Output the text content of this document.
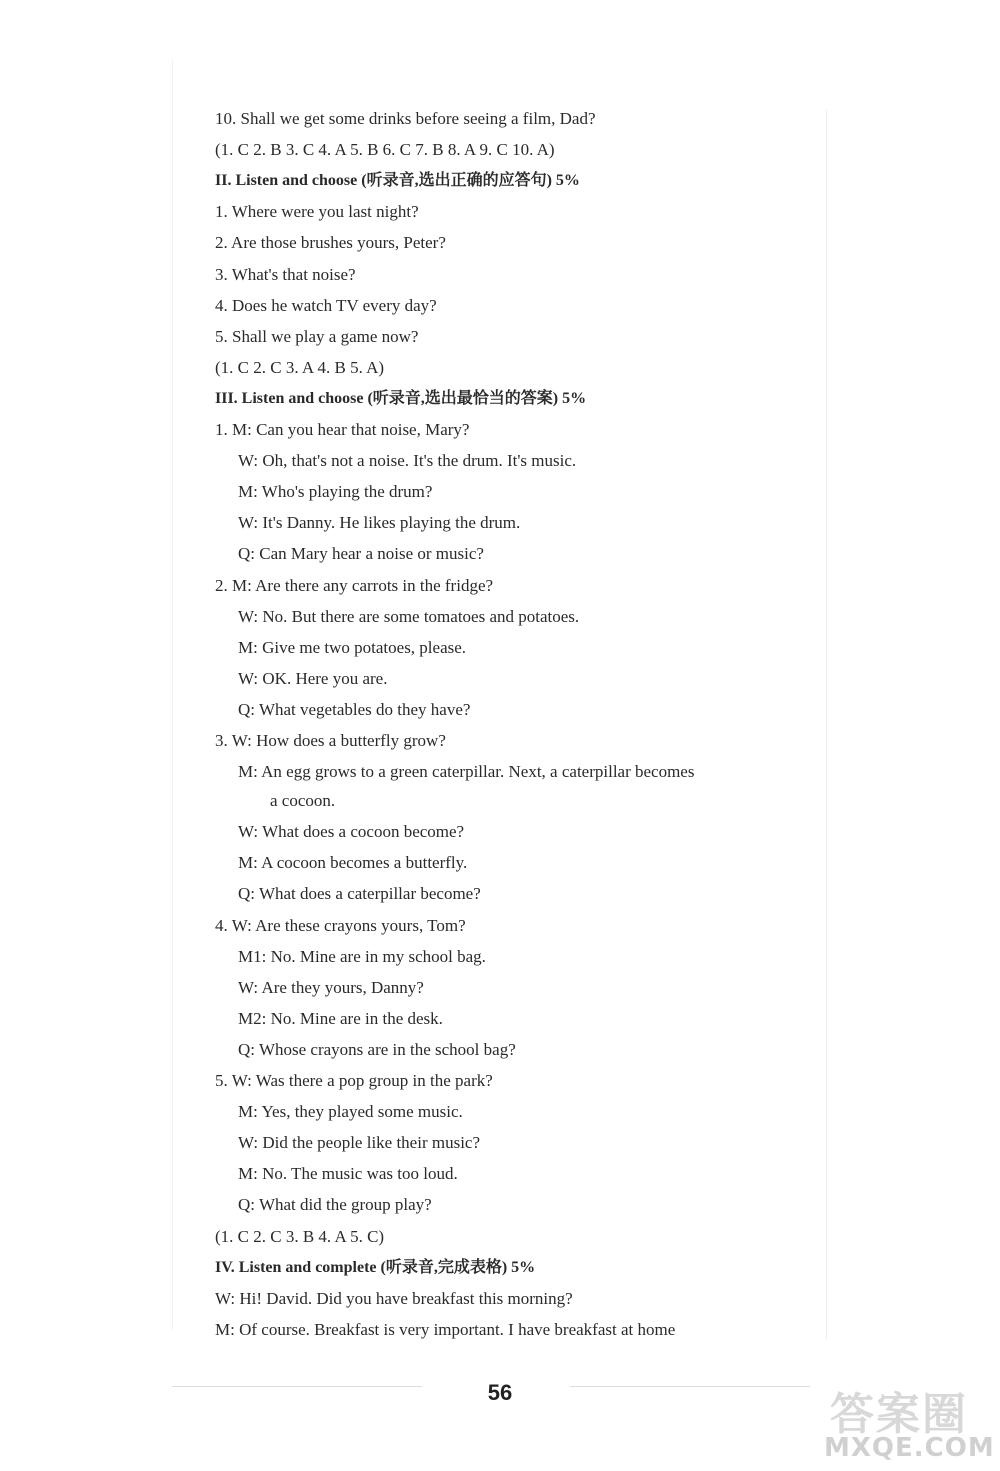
10. Shall we get some drinks before seeing a film, Dad?
(1. C 2. B 3. C 4. A 5. B 6. C 7. B 8. A 9. C 10. A)
II. Listen and choose (听录音,选出正确的应答句) 5%
1. Where were you last night?
2. Are those brushes yours, Peter?
3. What's that noise?
4. Does he watch TV every day?
5. Shall we play a game now?
(1. C 2. C 3. A 4. B 5. A)
III. Listen and choose (听录音,选出最恰当的答案) 5%
1. M: Can you hear that noise, Mary?
W: Oh, that's not a noise. It's the drum. It's music.
M: Who's playing the drum?
W: It's Danny. He likes playing the drum.
Q: Can Mary hear a noise or music?
2. M: Are there any carrots in the fridge?
W: No. But there are some tomatoes and potatoes.
M: Give me two potatoes, please.
W: OK. Here you are.
Q: What vegetables do they have?
3. W: How does a butterfly grow?
M: An egg grows to a green caterpillar. Next, a caterpillar becomes
a cocoon.
W: What does a cocoon become?
M: A cocoon becomes a butterfly.
Q: What does a caterpillar become?
4. W: Are these crayons yours, Tom?
M1: No. Mine are in my school bag.
W: Are they yours, Danny?
M2: No. Mine are in the desk.
Q: Whose crayons are in the school bag?
5. W: Was there a pop group in the park?
M: Yes, they played some music.
W: Did the people like their music?
M: No. The music was too loud.
Q: What did the group play?
(1. C 2. C 3. B 4. A 5. C)
IV. Listen and complete (听录音,完成表格) 5%
W: Hi! David. Did you have breakfast this morning?
M: Of course. Breakfast is very important. I have breakfast at home
56	答案圈
MXQE.COM
